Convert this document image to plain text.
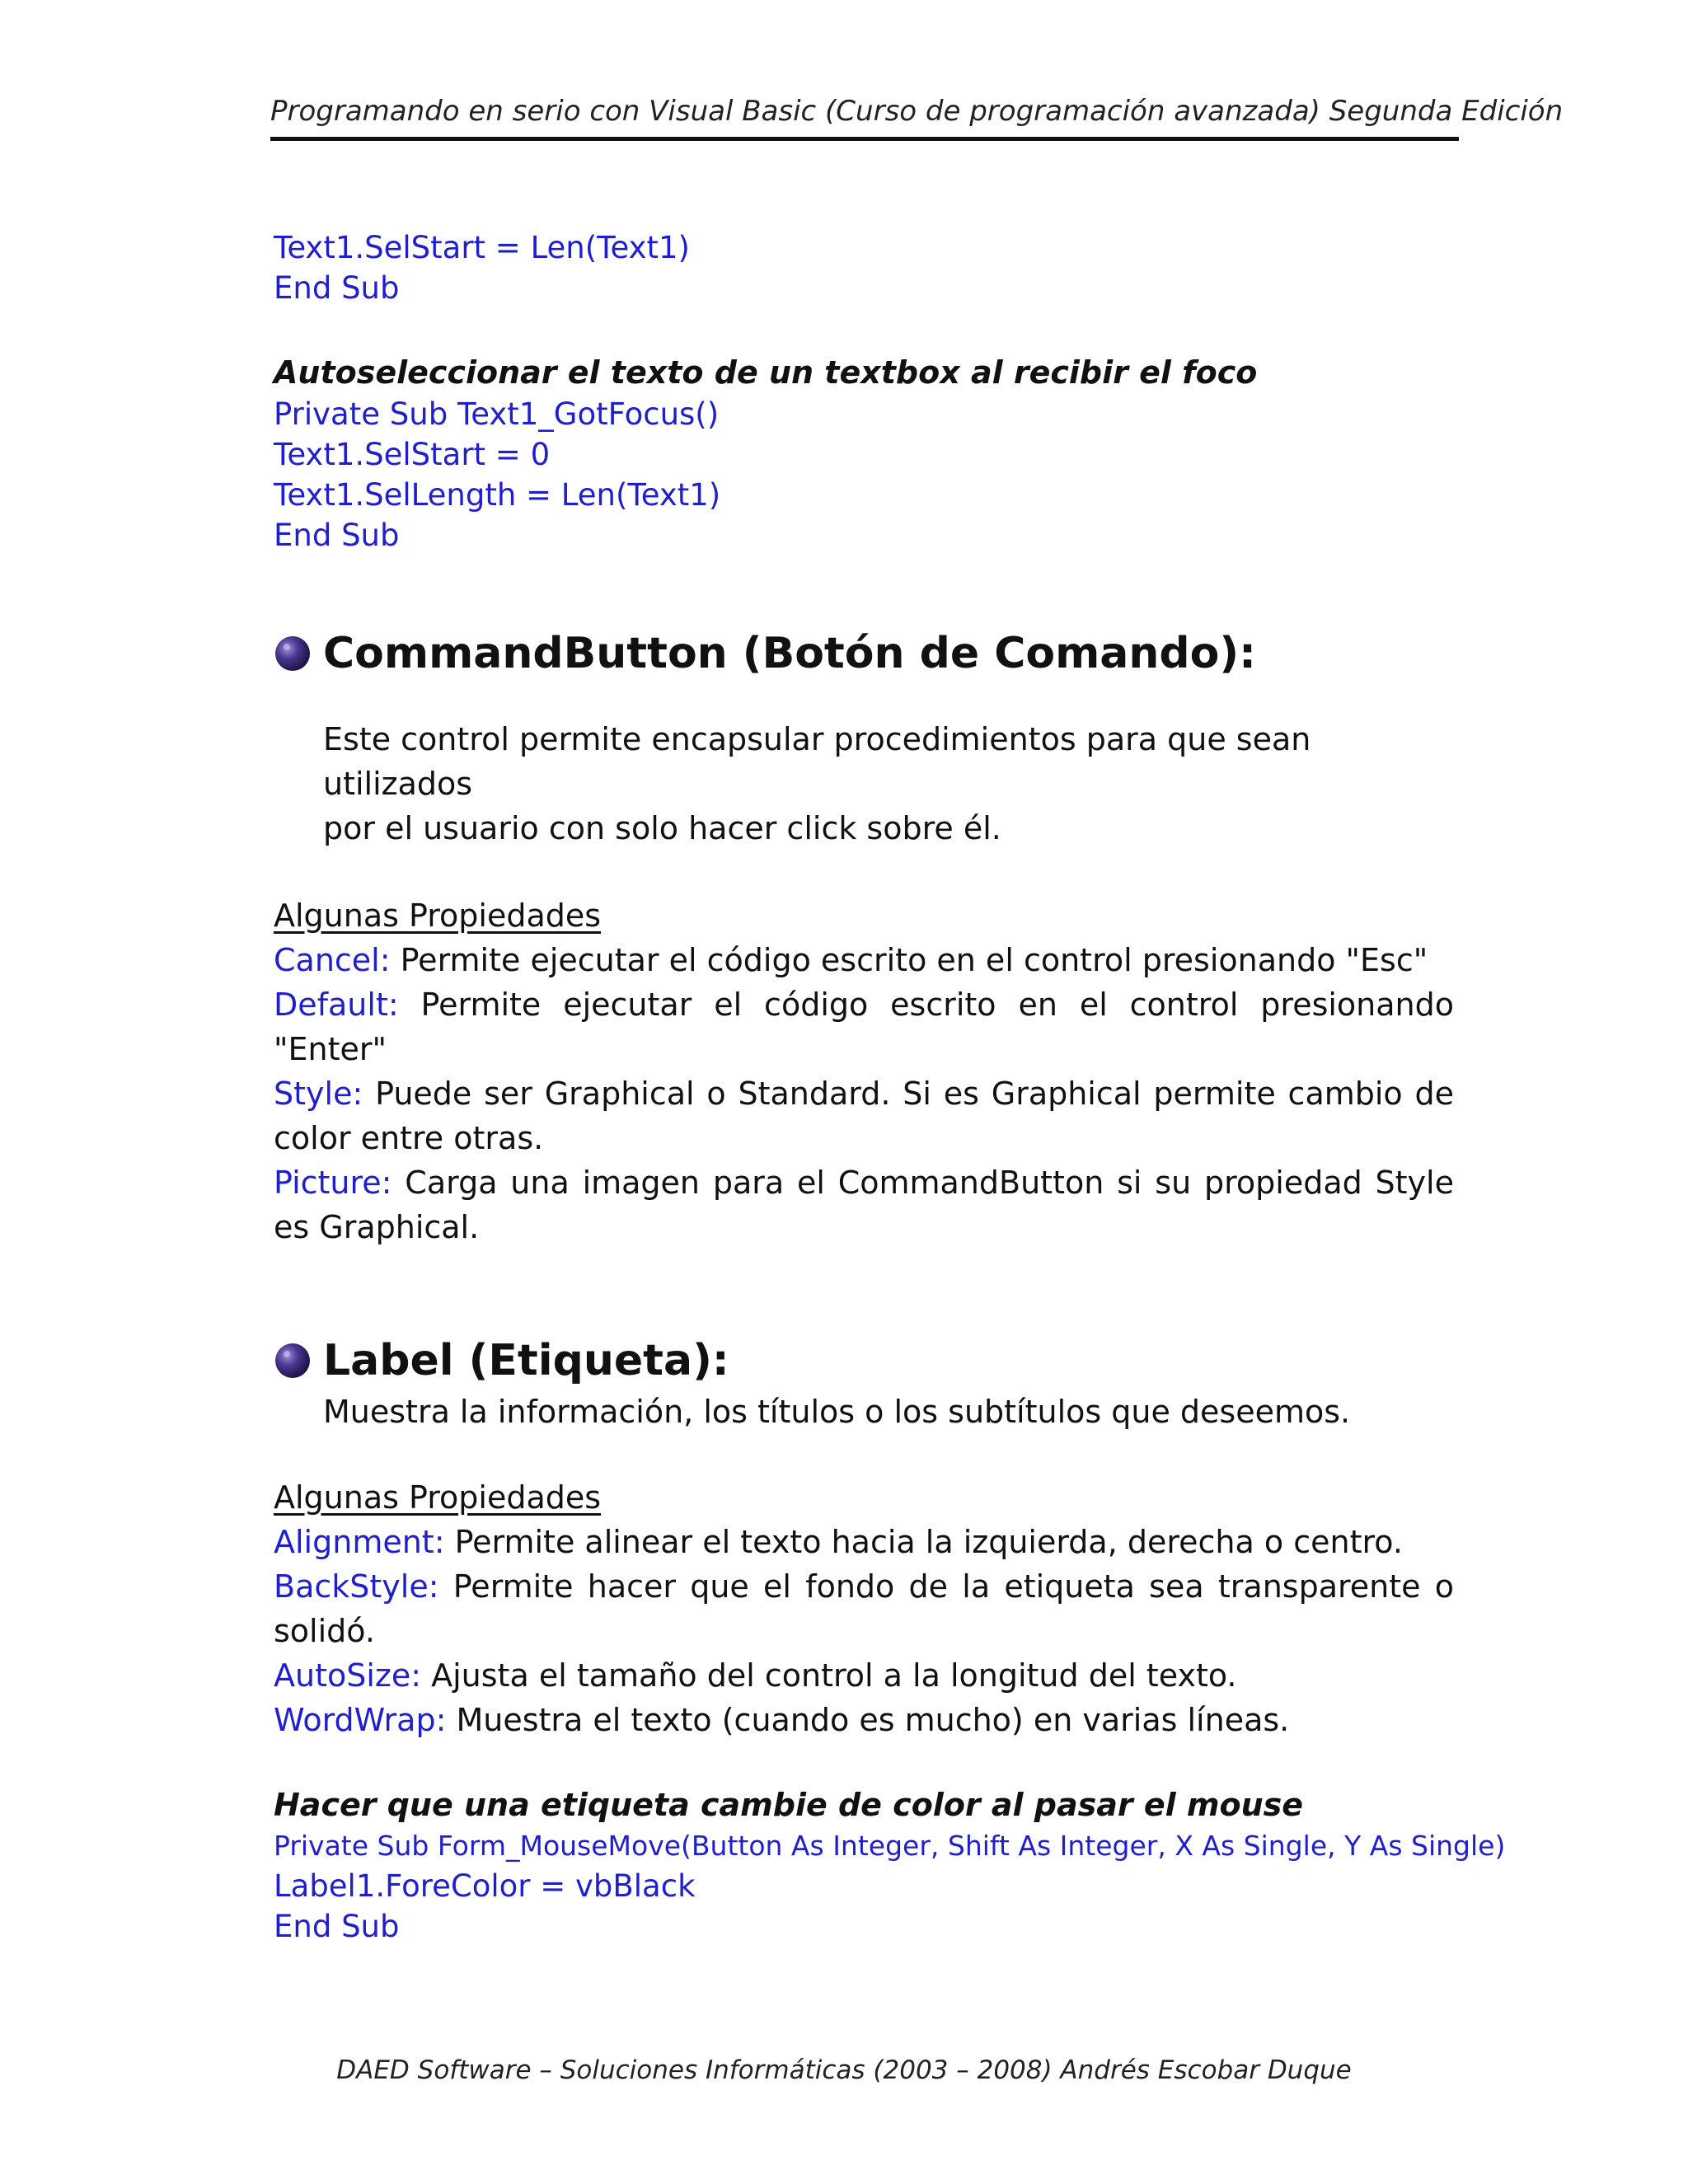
Programando en serio con Visual Basic (Curso de programación avanzada) Segunda Edición
Text1.SelStart = Len(Text1)
End Sub
Autoseleccionar el texto de un textbox al recibir el foco
Private Sub Text1_GotFocus()
Text1.SelStart = 0
Text1.SelLength = Len(Text1)
End Sub
CommandButton (Botón de Comando):
Este control permite encapsular procedimientos para que sean utilizados
por el usuario con solo hacer click sobre él.
Algunas Propiedades
Cancel: Permite ejecutar el código escrito en el control presionando "Esc"
Default: Permite ejecutar el código escrito en el control presionando "Enter"
Style: Puede ser Graphical o Standard. Si es Graphical permite cambio de color entre otras.
Picture: Carga una imagen para el CommandButton si su propiedad Style es Graphical.
Label (Etiqueta):
Muestra la información, los títulos o los subtítulos que deseemos.
Algunas Propiedades
Alignment: Permite alinear el texto hacia la izquierda, derecha o centro.
BackStyle: Permite hacer que el fondo de la etiqueta sea transparente o solidó.
AutoSize: Ajusta el tamaño del control a la longitud del texto.
WordWrap: Muestra el texto (cuando es mucho) en varias líneas.
Hacer que una etiqueta cambie de color al pasar el mouse
Private Sub Form_MouseMove(Button As Integer, Shift As Integer, X As Single, Y As Single)
Label1.ForeColor = vbBlack
End Sub
DAED Software – Soluciones Informáticas (2003 – 2008) Andrés Escobar Duque
